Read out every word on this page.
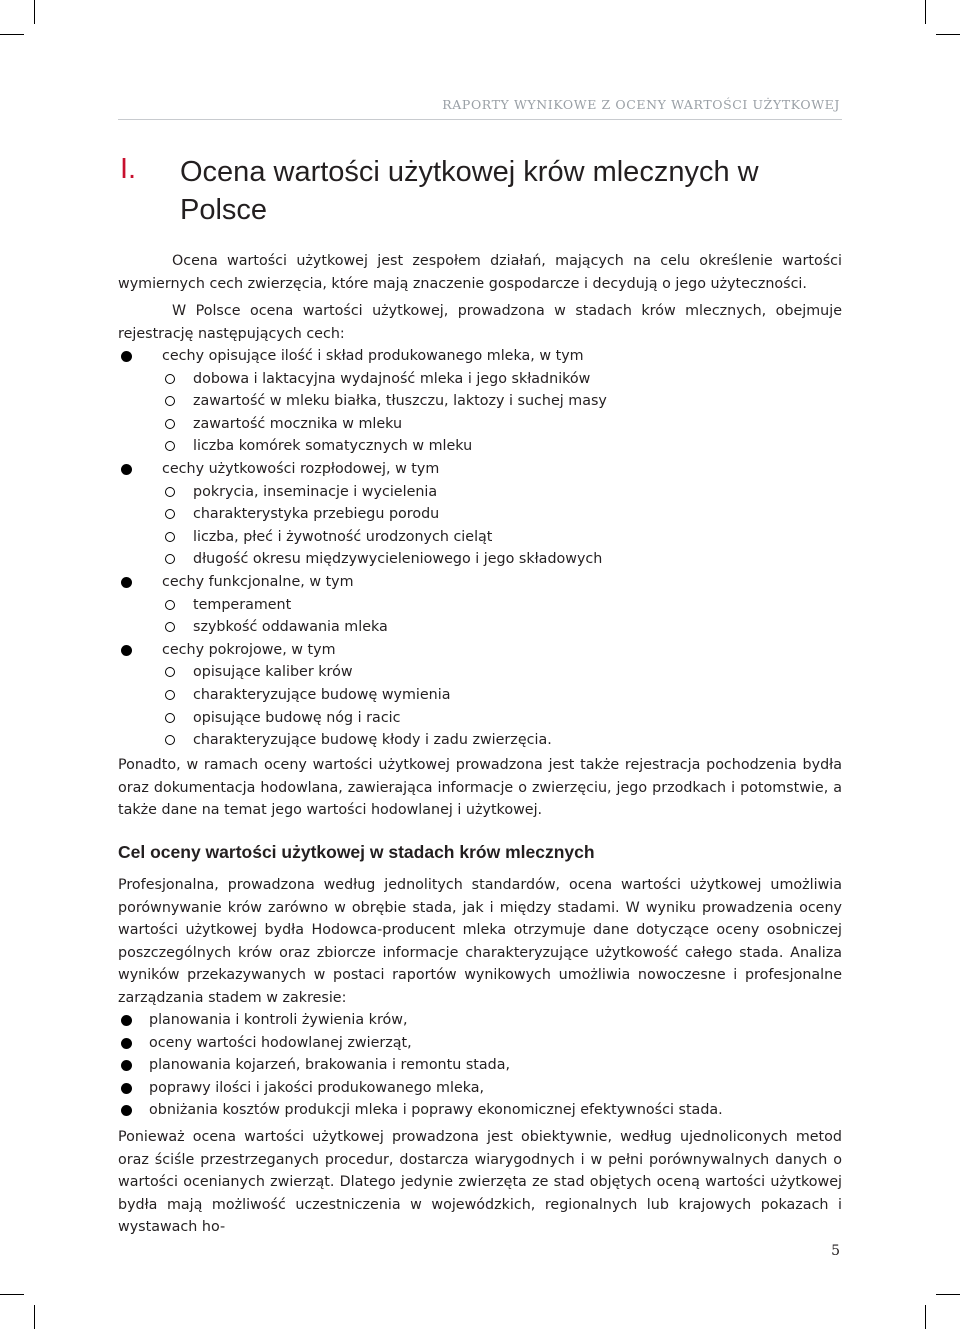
RAPORTY WYNIKOWE Z OCENY WARTOŚCI UŻYTKOWEJ
I. Ocena wartości użytkowej krów mlecznych w Polsce

Ocena wartości użytkowej jest zespołem działań, mających na celu określenie wartości wymiernych cech zwierzęcia, które mają znaczenie gospodarcze i decydują o jego użyteczności.

W Polsce ocena wartości użytkowej, prowadzona w stadach krów mlecznych, obejmuje rejestrację następujących cech:

cechy opisujące ilość i skład produkowanego mleka, w tym
dobowa i laktacyjna wydajność mleka i jego składników
zawartość w mleku białka, tłuszczu, laktozy i suchej masy
zawartość mocznika w mleku
liczba komórek somatycznych w mleku
cechy użytkowości rozpłodowej, w tym
pokrycia, inseminacje i wycielenia
charakterystyka przebiegu porodu
liczba, płeć i żywotność urodzonych cieląt
długość okresu międzywycieleniowego i jego składowych
cechy funkcjonalne, w tym
temperament
szybkość oddawania mleka
cechy pokrojowe, w tym
opisujące kaliber krów
charakteryzujące budowę wymienia
opisujące budowę nóg i racic
charakteryzujące budowę kłody i zadu zwierzęcia.

Ponadto, w ramach oceny wartości użytkowej prowadzona jest także rejestracja pochodzenia bydła oraz dokumentacja hodowlana, zawierająca informacje o zwierzęciu, jego przodkach i potomstwie, a także dane na temat jego wartości hodowlanej i użytkowej.

Cel oceny wartości użytkowej w stadach krów mlecznych

Profesjonalna, prowadzona według jednolitych standardów, ocena wartości użytkowej umożliwia porównywanie krów zarówno w obrębie stada, jak i między stadami. W wyniku prowadzenia oceny wartości użytkowej bydła Hodowca-producent mleka otrzymuje dane dotyczące oceny osobniczej poszczególnych krów oraz zbiorcze informacje charakteryzujące użytkowość całego stada. Analiza wyników przekazywanych w postaci raportów wynikowych umożliwia nowoczesne i profesjonalne zarządzania stadem w zakresie:

planowania i kontroli żywienia krów,
oceny wartości hodowlanej zwierząt,
planowania kojarzeń, brakowania i remontu stada,
poprawy ilości i jakości produkowanego mleka,
obniżania kosztów produkcji mleka i poprawy ekonomicznej efektywności stada.

Ponieważ ocena wartości użytkowej prowadzona jest obiektywnie, według ujednoliconych metod oraz ściśle przestrzeganych procedur, dostarcza wiarygodnych i w pełni porównywalnych danych o wartości ocenianych zwierząt. Dlatego jedynie zwierzęta ze stad objętych oceną wartości użytkowej bydła mają możliwość uczestniczenia w wojewódzkich, regionalnych lub krajowych pokazach i wystawach ho-

5
